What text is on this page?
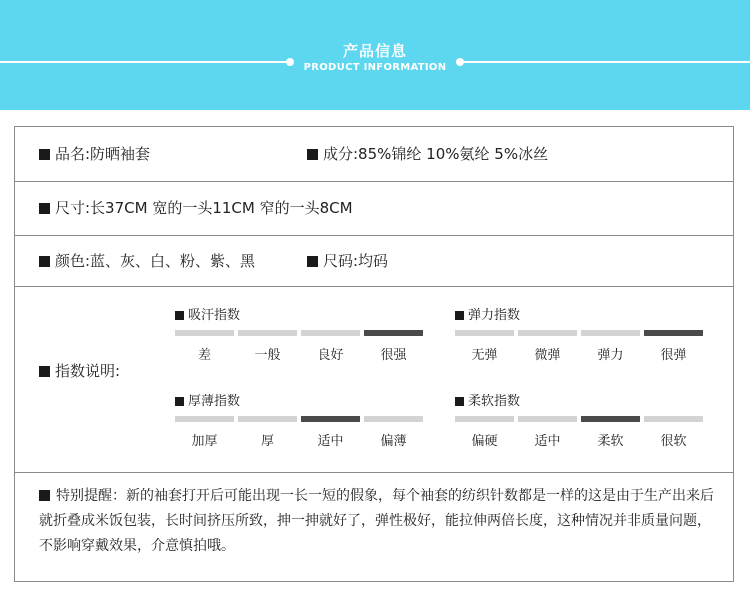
产品信息
PRODUCT INFORMATION
品名:防晒袖套	成分:85%锦纶 10%氨纶 5%冰丝
尺寸:长37CM 宽的一头11CM 窄的一头8CM
颜色:蓝、灰、白、粉、紫、黑	尺码:均码
指数说明:
吸汗指数
差	一般	良好	很强
弹力指数
无弹	微弹	弹力	很弹
厚薄指数
加厚	厚	适中	偏薄
柔软指数
偏硬	适中	柔软	很软
特别提醒：新的袖套打开后可能出现一长一短的假象，每个袖套的纺织针数都是一样的这是由于生产出来后就折叠成米饭包装，长时间挤压所致，抻一抻就好了，弹性极好，能拉伸两倍长度，这种情况并非质量问题，不影响穿戴效果，介意慎拍哦。
